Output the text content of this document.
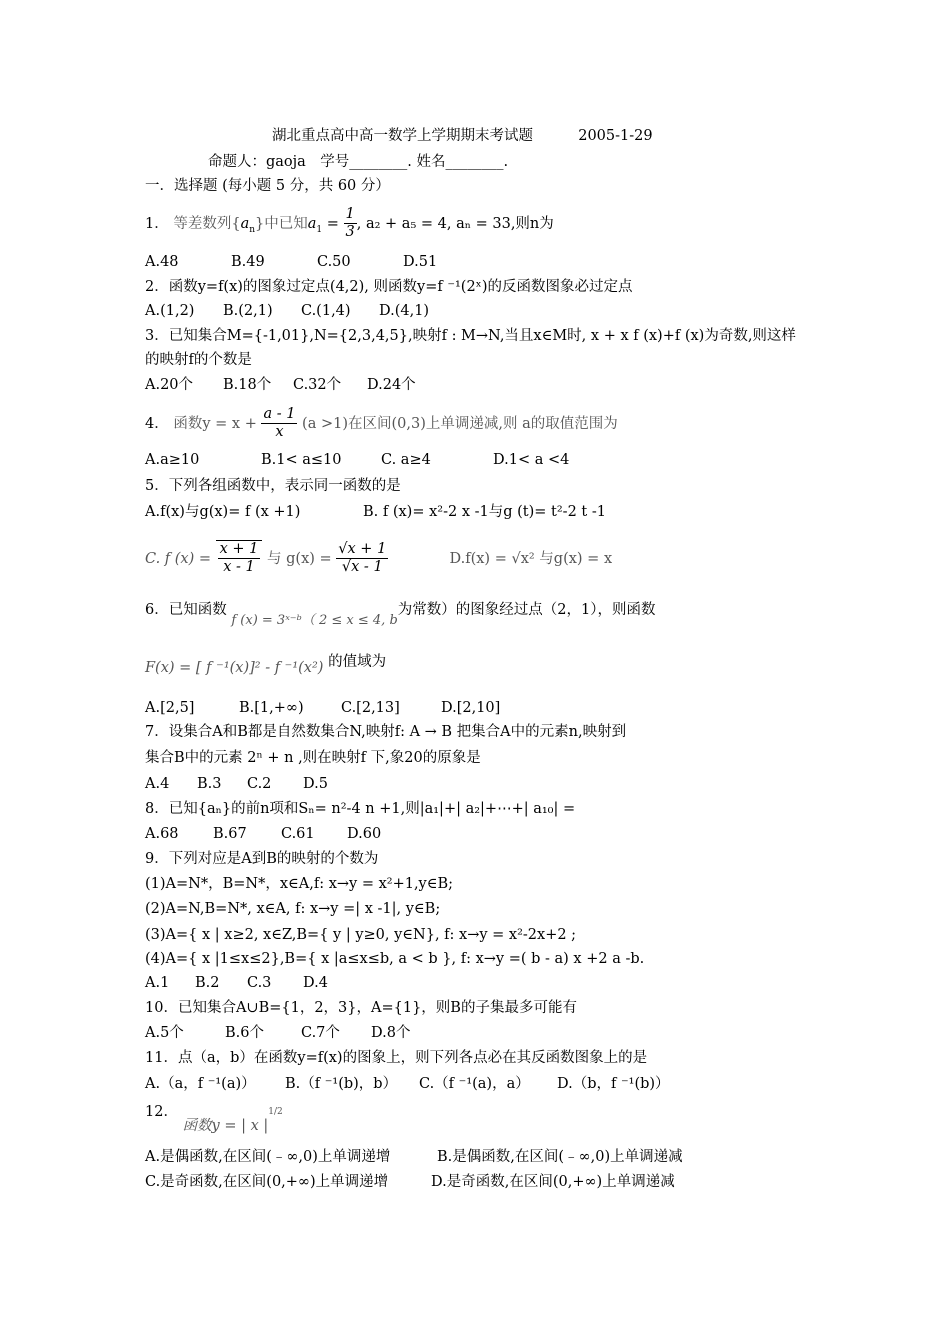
湖北重点高中高一数学上学期期末考试题	2005-1-29
命题人：gaoja　学号________. 姓名________.
一．选择题 (每小题 5 分，共 60 分）
1． 等差数列$\{a_n\}$中已知$a_1 = \frac{1}{3}$ , a₂ + a₅ = 4, aₙ = 33,则n为
A.48	B.49	C.50	D.51
2．函数y=f(x)的图象过定点(4,2), 则函数y=f ⁻¹(2ˣ)的反函数图象必过定点
A.(1,2) B.(2,1) C.(1,4) D.(4,1)
3．已知集合M={-1,01},N={2,3,4,5},映射f : M→N,当且x∈M时, x + x f (x)+f (x)为奇数,则这样
的映射f的个数是
A.20个 B.18个 C.32个 D.24个
4． 函数$y = x + \frac{a - 1}{x} (a >1)$在区间(0,3)上单调递减,则 a的取值范围为
A.a≥10	B.1< a≤10	C. a≥4	D.1< a <4
5．下列各组函数中，表示同一函数的是
A.f(x)与g(x)= f (x +1)	B. f (x)= x²-2 x -1与g (t)= t²-2 t -1
C. f $(x) = \frac{x + 1}{x - 1}$ 与 $g(x) = \frac{√x + 1}{√x - 1}$	D.f(x) = √x² 与g(x) = x
6．已知函数 f (x) = 3ˣ⁻ᵇ（ 2 ≤ x ≤ 4, b为常数）的图象经过点（2，1），则函数
F(x) = [ f ⁻¹(x)]² - f ⁻¹(x²) 的值域为
A.[2,5]	B.[1,+∞)	C.[2,13]	D.[2,10]
7．设集合A和B都是自然数集合N,映射f: A → B 把集合A中的元素n,映射到
集合B中的元素 2ⁿ + n ,则在映射f 下,象20的原象是
A.4 B.3 C.2 D.5
8．已知{aₙ}的前n项和Sₙ= n²-4 n +1,则|a₁|+| a₂|+⋯+| a₁₀| =
A.68 B.67 C.61 D.60
9．下列对应是A到B的映射的个数为
(1)A=N*，B=N*，x∈A,f: x→y = x²+1,y∈B;
(2)A=N,B=N*, x∈A, f: x→y =| x -1|, y∈B;
(3)A={ x | x≥2, x∈Z,B={ y | y≥0, y∈N}, f: x→y = x²-2x+2 ;
(4)A={ x |1≤x≤2},B={ x |a≤x≤b, a < b }, f: x→y =( b - a) x +2 a -b.
A.1 B.2 C.3 D.4
10．已知集合A∪B={1，2，3}，A={1}，则B的子集最多可能有
A.5个	B.6个	C.7个 D.8个
11．点（a，b）在函数y=f(x)的图象上，则下列各点必在其反函数图象上的是
A.（a，f ⁻¹(a)） B.（f ⁻¹(b)，b） C.（f ⁻¹(a)，a） D.（b，f ⁻¹(b)）
12． 函数y = | x |1/2
A.是偶函数,在区间(﹣∞,0)上单调递增	B.是偶函数,在区间(﹣∞,0)上单调递减
C.是奇函数,在区间(0,+∞)上单调递增	D.是奇函数,在区间(0,+∞)上单调递减
